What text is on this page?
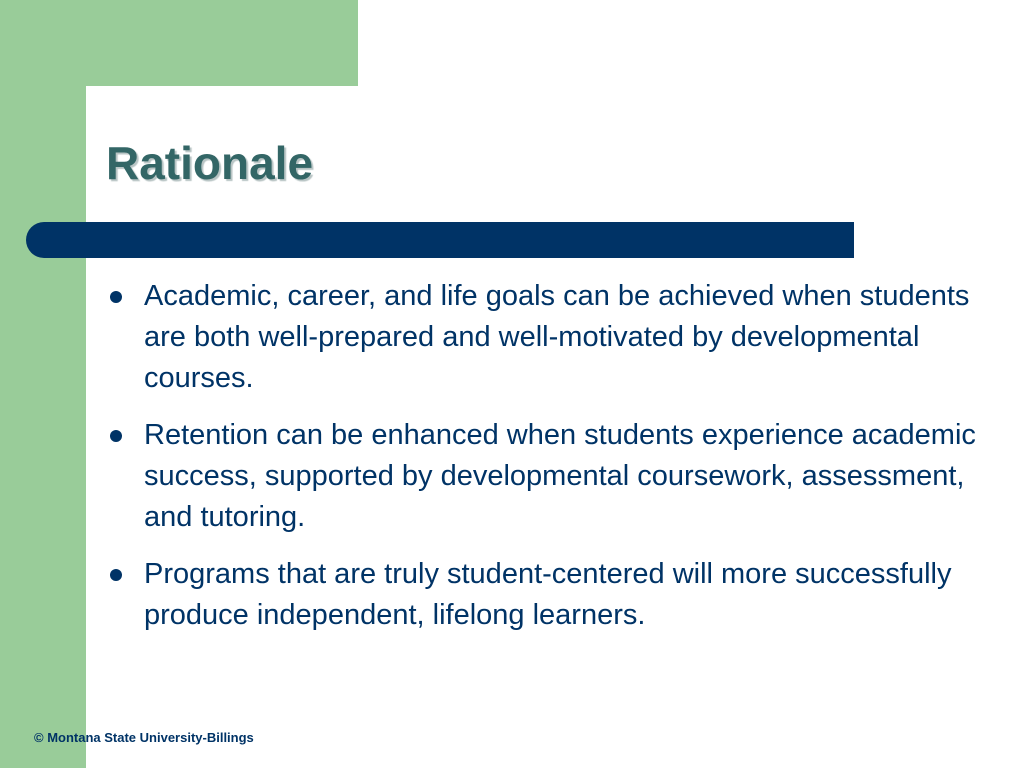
Rationale
Academic, career, and life goals can be achieved when students are both well-prepared and well-motivated by developmental courses.
Retention can be enhanced when students experience academic success, supported by developmental coursework, assessment, and tutoring.
Programs that are truly student-centered will more successfully produce independent, lifelong learners.

© Montana State University-Billings
